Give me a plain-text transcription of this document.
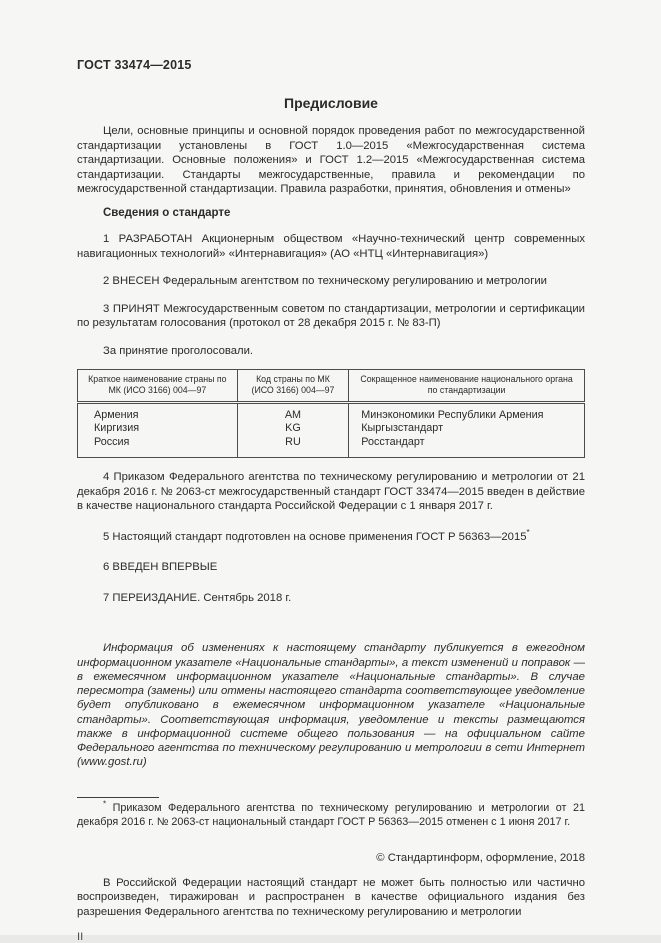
ГОСТ 33474—2015
Предисловие

Цели, основные принципы и основной порядок проведения работ по межгосударственной стандартизации установлены в ГОСТ 1.0—2015 «Межгосударственная система стандартизации. Основные положения» и ГОСТ 1.2—2015 «Межгосударственная система стандартизации. Стандарты межгосударственные, правила и рекомендации по межгосударственной стандартизации. Правила разработки, принятия, обновления и отмены»

Сведения о стандарте

1 РАЗРАБОТАН Акционерным обществом «Научно-технический центр современных навигационных технологий» «Интернавигация» (АО «НТЦ «Интернавигация»)

2 ВНЕСЕН Федеральным агентством по техническому регулированию и метрологии

3 ПРИНЯТ Межгосударственным советом по стандартизации, метрологии и сертификации по результатам голосования (протокол от 28 декабря 2015 г. № 83-П)

За принятие проголосовали.

Краткое наименование страны по МК (ИСО 3166) 004—97	Код страны по МК (ИСО 3166) 004—97	Сокращенное наименование национального органа по стандартизации
Армения	AM	Минэкономики Республики Армения
Киргизия	KG	Кыргызстандарт
Россия	RU	Росстандарт

4 Приказом Федерального агентства по техническому регулированию и метрологии от 21 декабря 2016 г. № 2063-ст межгосударственный стандарт ГОСТ 33474—2015 введен в действие в качестве национального стандарта Российской Федерации с 1 января 2017 г.

5 Настоящий стандарт подготовлен на основе применения ГОСТ Р 56363—2015*

6 ВВЕДЕН ВПЕРВЫЕ

7 ПЕРЕИЗДАНИЕ. Сентябрь 2018 г.

Информация об изменениях к настоящему стандарту публикуется в ежегодном информационном указателе «Национальные стандарты», а текст изменений и поправок — в ежемесячном информационном указателе «Национальные стандарты». В случае пересмотра (замены) или отмены настоящего стандарта соответствующее уведомление будет опубликовано в ежемесячном информационном указателе «Национальные стандарты». Соответствующая информация, уведомление и тексты размещаются также в информационной системе общего пользования — на официальном сайте Федерального агентства по техническому регулированию и метрологии в сети Интернет (www.gost.ru)

* Приказом Федерального агентства по техническому регулированию и метрологии от 21 декабря 2016 г. № 2063-ст национальный стандарт ГОСТ Р 56363—2015 отменен с 1 июня 2017 г.

© Стандартинформ, оформление, 2018

В Российской Федерации настоящий стандарт не может быть полностью или частично воспроизведен, тиражирован и распространен в качестве официального издания без разрешения Федерального агентства по техническому регулированию и метрологии

II
